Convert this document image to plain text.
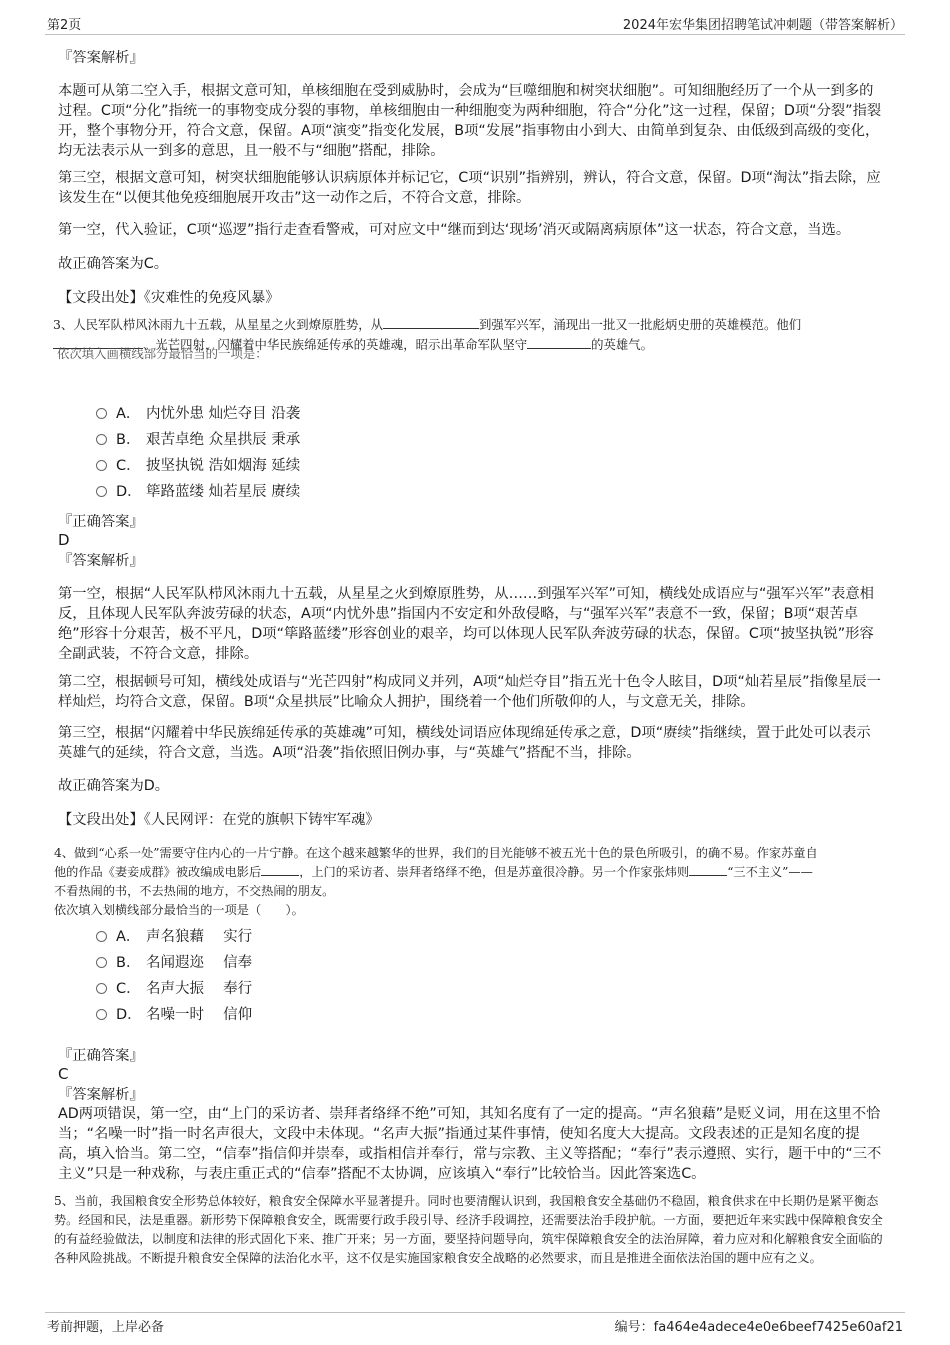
第2页	2024年宏华集团招聘笔试冲刺题（带答案解析）

『答案解析』

本题可从第二空入手，根据文意可知，单核细胞在受到威胁时，会成为“巨噬细胞和树突状细胞”。可知细胞经历了一个从一到多的过程。C项“分化”指统一的事物变成分裂的事物，单核细胞由一种细胞变为两种细胞，符合“分化”这一过程，保留；D项“分裂”指裂开，整个事物分开，符合文意，保留。A项“演变”指变化发展，B项“发展”指事物由小到大、由简单到复杂、由低级到高级的变化，均无法表示从一到多的意思，且一般不与“细胞”搭配，排除。

第三空，根据文意可知，树突状细胞能够认识病原体并标记它，C项“识别”指辨别，辨认，符合文意，保留。D项“淘汰”指去除，应该发生在“以便其他免疫细胞展开攻击”这一动作之后，不符合文意，排除。

第一空，代入验证，C项“巡逻”指行走查看警戒，可对应文中“继而到达‘现场’消灭或隔离病原体”这一状态，符合文意，当选。

故正确答案为C。

【文段出处】《灾难性的免疫风暴》

3、人民军队栉风沐雨九十五载，从星星之火到燎原胜势，从	到强军兴军，涌现出一批又一批彪炳史册的英雄模范。他们
、光芒四射，闪耀着中华民族绵延传承的英雄魂，昭示出革命军队坚守	的英雄气。

依次填入画横线部分最恰当的一项是：

A． 内忧外患 灿烂夺目 沿袭
B． 艰苦卓绝 众星拱辰 秉承
C． 披坚执锐 浩如烟海 延续
D． 筚路蓝缕 灿若星辰 赓续

『正确答案』

D

『答案解析』

第一空，根据“人民军队栉风沐雨九十五载，从星星之火到燎原胜势，从……到强军兴军”可知，横线处成语应与“强军兴军”表意相反，且体现人民军队奔波劳碌的状态，A项“内忧外患”指国内不安定和外敌侵略，与“强军兴军”表意不一致，保留；B项“艰苦卓绝”形容十分艰苦，极不平凡，D项“筚路蓝缕”形容创业的艰辛，均可以体现人民军队奔波劳碌的状态，保留。C项“披坚执锐”形容全副武装，不符合文意，排除。

第二空，根据顿号可知，横线处成语与“光芒四射”构成同义并列，A项“灿烂夺目”指五光十色令人眩目，D项“灿若星辰”指像星辰一样灿烂，均符合文意，保留。B项“众星拱辰”比喻众人拥护，围绕着一个他们所敬仰的人，与文意无关，排除。

第三空，根据“闪耀着中华民族绵延传承的英雄魂”可知，横线处词语应体现绵延传承之意，D项“赓续”指继续，置于此处可以表示英雄气的延续，符合文意，当选。A项“沿袭”指依照旧例办事，与“英雄气”搭配不当，排除。

故正确答案为D。

【文段出处】《人民网评：在党的旗帜下铸牢军魂》

4、做到“心系一处”需要守住内心的一片宁静。在这个越来越繁华的世界，我们的目光能够不被五光十色的景色所吸引，的确不易。作家苏童自
他的作品《妻妾成群》被改编成电影后	，上门的采访者、崇拜者络绎不绝，但是苏童很冷静。另一个作家张炜则	“三不主义”——
不看热闹的书，不去热闹的地方，不交热闹的朋友。
依次填入划横线部分最恰当的一项是（　　）。

A． 声名狼藉　 实行
B． 名闻遐迩　 信奉
C． 名声大振　 奉行
D． 名噪一时　 信仰

『正确答案』

C

『答案解析』

AD两项错误，第一空，由“上门的采访者、崇拜者络绎不绝”可知，其知名度有了一定的提高。“声名狼藉”是贬义词，用在这里不恰当；“名噪一时”指一时名声很大，文段中未体现。“名声大振”指通过某件事情，使知名度大大提高。文段表述的正是知名度的提高，填入恰当。第二空，“信奉”指信仰并崇奉，或指相信并奉行，常与宗教、主义等搭配；“奉行”表示遵照、实行，题干中的“三不主义”只是一种戏称，与表庄重正式的“信奉”搭配不太协调，应该填入“奉行”比较恰当。因此答案选C。

5、当前，我国粮食安全形势总体较好，粮食安全保障水平显著提升。同时也要清醒认识到，我国粮食安全基础仍不稳固，粮食供求在中长期仍是紧平衡态势。经国和民，法是重器。新形势下保障粮食安全，既需要行政手段引导、经济手段调控，还需要法治手段护航。一方面，要把近年来实践中保障粮食安全的有益经验做法，以制度和法律的形式固化下来、推广开来；另一方面，要坚持问题导向，筑牢保障粮食安全的法治屏障，着力应对和化解粮食安全面临的各种风险挑战。不断提升粮食安全保障的法治化水平，这不仅是实施国家粮食安全战略的必然要求，而且是推进全面依法治国的题中应有之义。

考前押题，上岸必备	编号：fa464e4adece4e0e6beef7425e60af21
